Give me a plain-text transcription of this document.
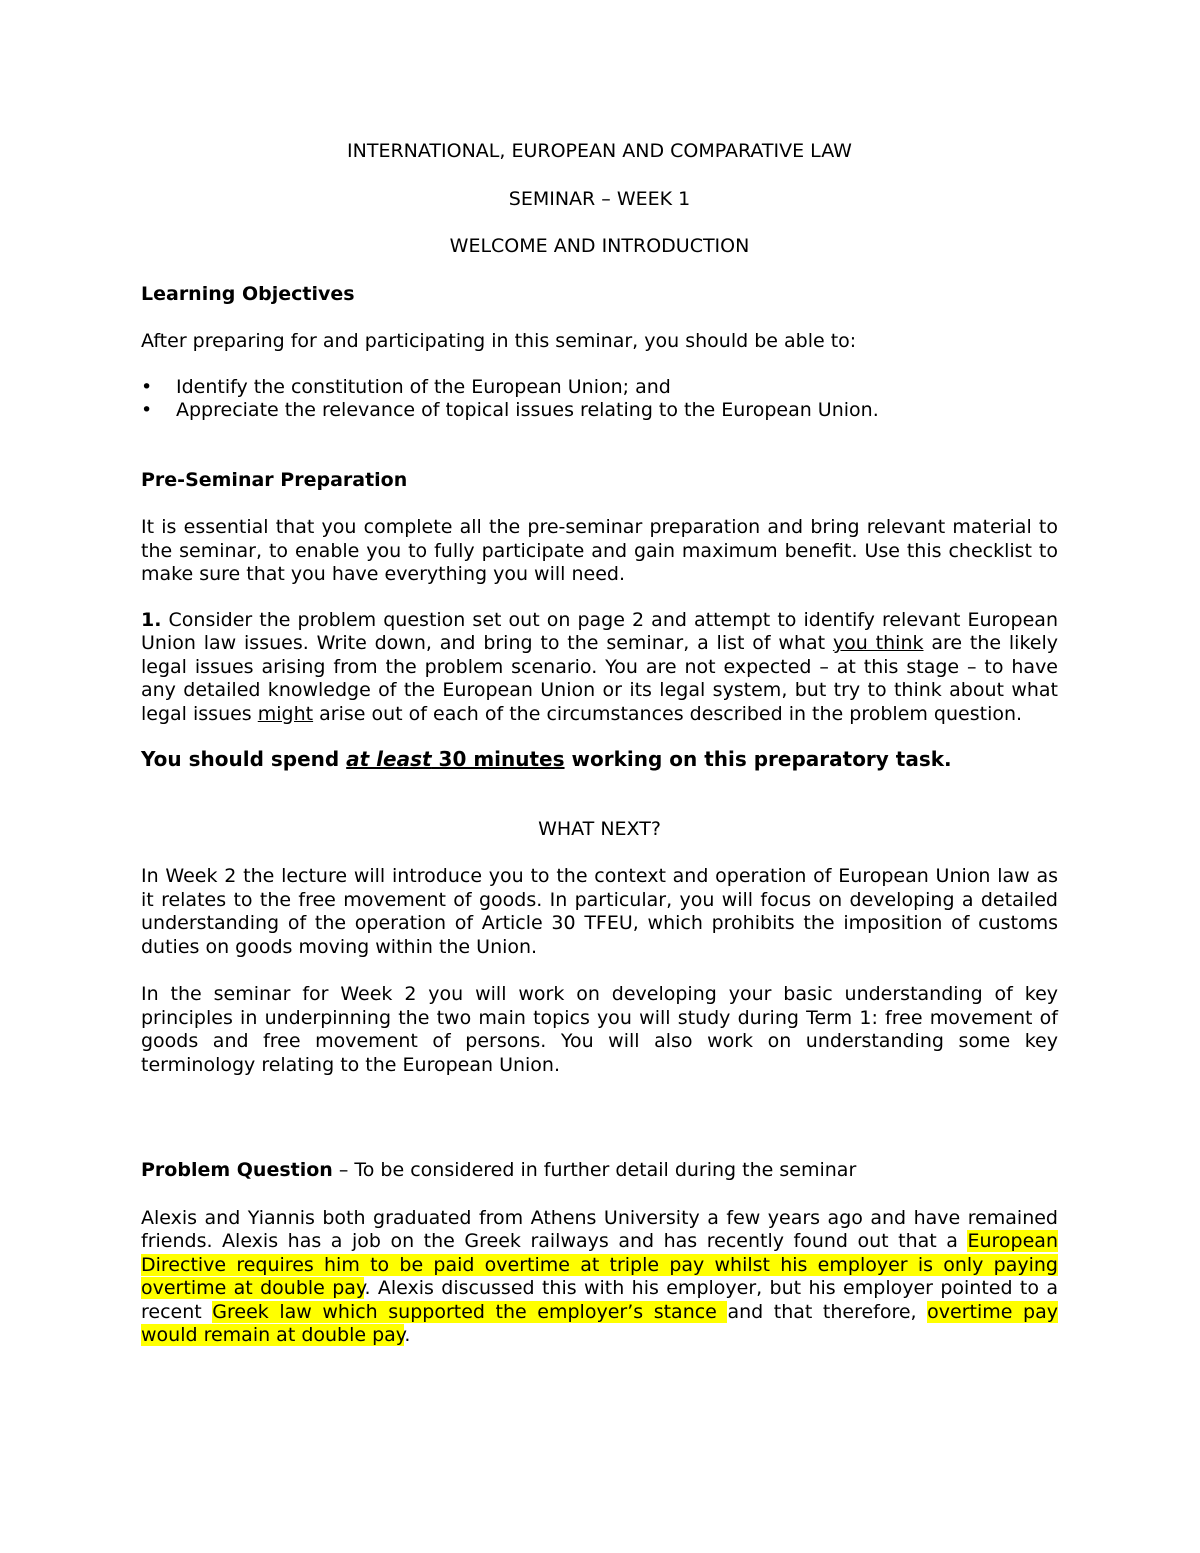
INTERNATIONAL, EUROPEAN AND COMPARATIVE LAW

SEMINAR – WEEK 1

WELCOME AND INTRODUCTION

Learning Objectives

After preparing for and participating in this seminar, you should be able to:

• Identify the constitution of the European Union; and
• Appreciate the relevance of topical issues relating to the European Union.

Pre-Seminar Preparation

It is essential that you complete all the pre-seminar preparation and bring relevant material to the seminar, to enable you to fully participate and gain maximum benefit. Use this checklist to make sure that you have everything you will need.

1. Consider the problem question set out on page 2 and attempt to identify relevant European Union law issues. Write down, and bring to the seminar, a list of what you think are the likely legal issues arising from the problem scenario. You are not expected – at this stage – to have any detailed knowledge of the European Union or its legal system, but try to think about what legal issues might arise out of each of the circumstances described in the problem question.

You should spend at least 30 minutes working on this preparatory task.

WHAT NEXT?

In Week 2 the lecture will introduce you to the context and operation of European Union law as it relates to the free movement of goods. In particular, you will focus on developing a detailed understanding of the operation of Article 30 TFEU, which prohibits the imposition of customs duties on goods moving within the Union.

In the seminar for Week 2 you will work on developing your basic understanding of key principles in underpinning the two main topics you will study during Term 1: free movement of goods and free movement of persons. You will also work on understanding some key terminology relating to the European Union.

Problem Question – To be considered in further detail during the seminar

Alexis and Yiannis both graduated from Athens University a few years ago and have remained friends. Alexis has a job on the Greek railways and has recently found out that a European Directive requires him to be paid overtime at triple pay whilst his employer is only paying overtime at double pay. Alexis discussed this with his employer, but his employer pointed to a recent Greek law which supported the employer’s stance and that therefore, overtime pay would remain at double pay.
